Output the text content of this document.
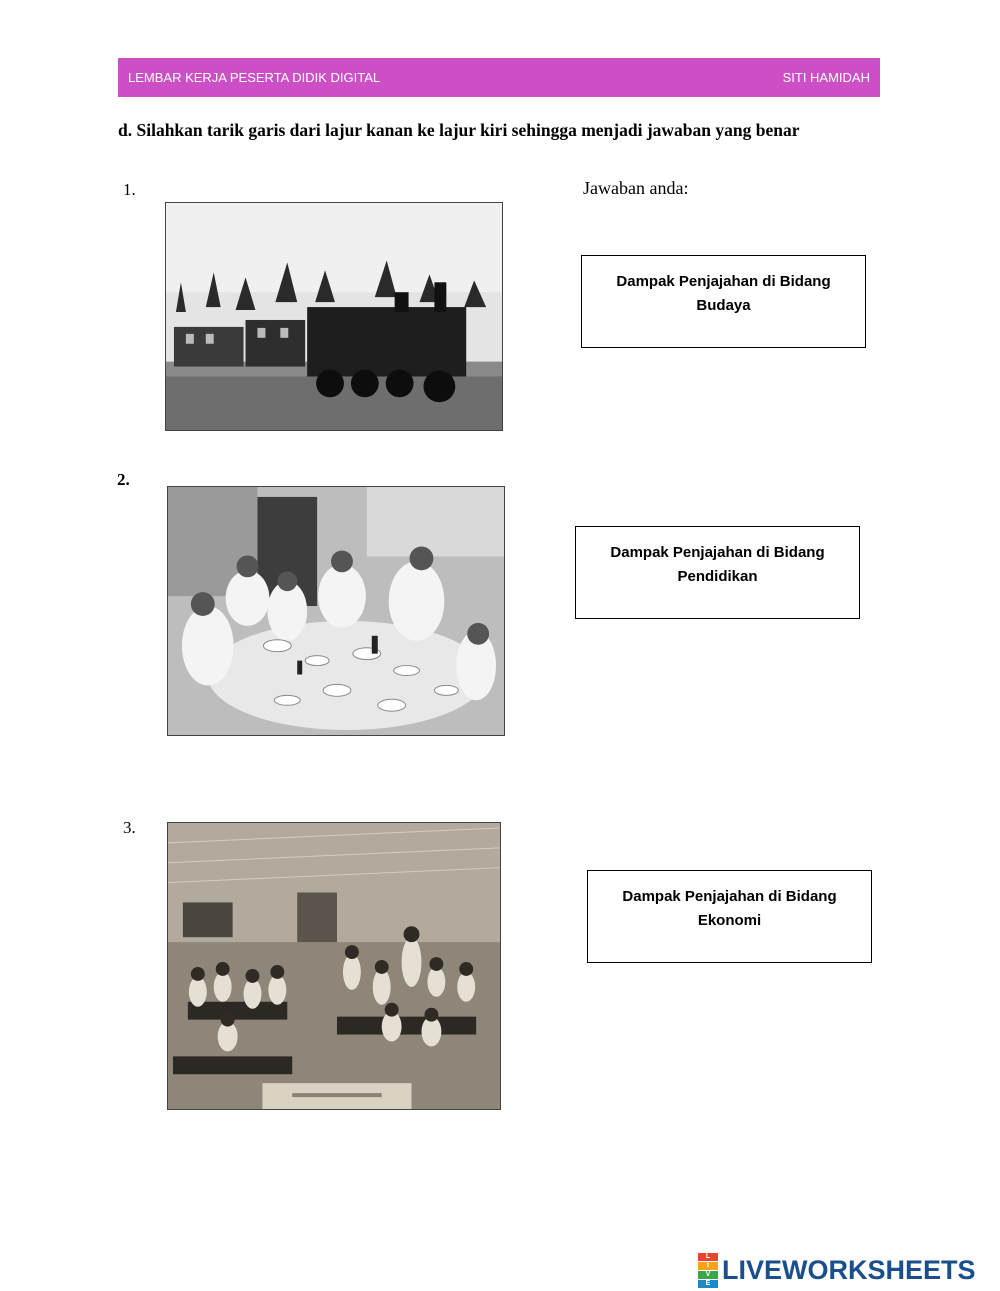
LEMBAR KERJA PESERTA DIDIK DIGITAL	SITI HAMIDAH
d. Silahkan tarik garis dari lajur kanan ke lajur kiri sehingga menjadi jawaban yang benar
1.	Jawaban anda:
Dampak Penjajahan di Bidang
Budaya
2.
Dampak Penjajahan di Bidang
Pendidikan
3.
Dampak Penjajahan di Bidang
Ekonomi
L
I
V
E LIVEWORKSHEETS
